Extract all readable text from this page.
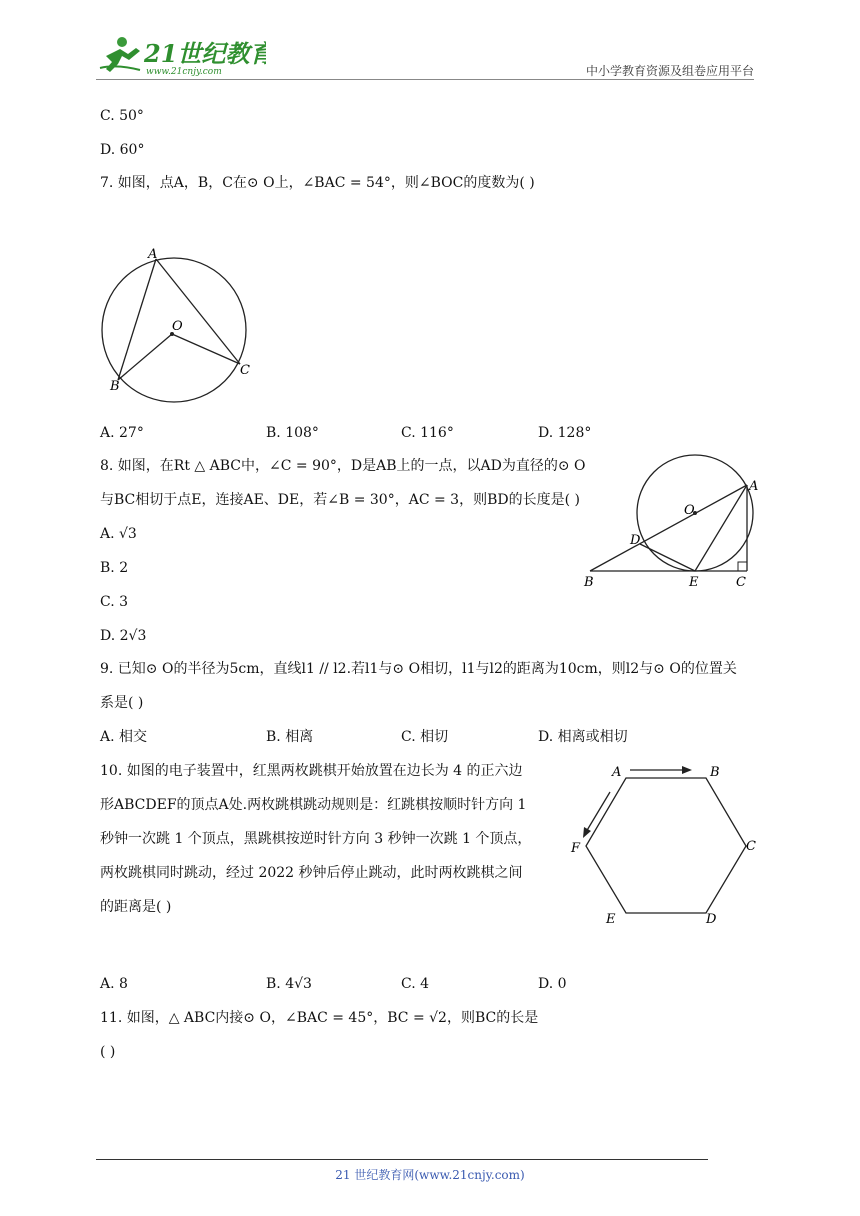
21世纪教育
www.21cnjy.com	中小学教育资源及组卷应用平台
C. 50°
D. 60°
7. 如图，点A，B，C在⊙ O上，∠BAC = 54°，则∠BOC的度数为( )
A
B
C
O
A. 27°	B. 108°	C. 116°	D. 128°
8. 如图，在Rt △ ABC中，∠C = 90°，D是AB上的一点，以AD为直径的⊙ O
与BC相切于点E，连接AE、DE，若∠B = 30°，AC = 3，则BD的长度是( )
A. √3
B. 2
C. 3
D. 2√3
A
B	C
D
E
O
9. 已知⊙ O的半径为5cm，直线l1 // l2.若l1与⊙ O相切，l1与l2的距离为10cm，则l2与⊙ O的位置关
系是( )
A. 相交	B. 相离	C. 相切	D. 相离或相切
10. 如图的电子装置中，红黑两枚跳棋开始放置在边长为 4 的正六边
形ABCDEF的顶点A处.两枚跳棋跳动规则是：红跳棋按顺时针方向 1
秒钟一次跳 1 个顶点，黑跳棋按逆时针方向 3 秒钟一次跳 1 个顶点，
两枚跳棋同时跳动，经过 2022 秒钟后停止跳动，此时两枚跳棋之间
的距离是( )
A	B
C
D
E
F
A. 8	B. 4√3	C. 4	D. 0
11. 如图，△ ABC内接⊙ O，∠BAC = 45°，BC = √2，则BC的长是
( )
21 世纪教育网(www.21cnjy.com)
